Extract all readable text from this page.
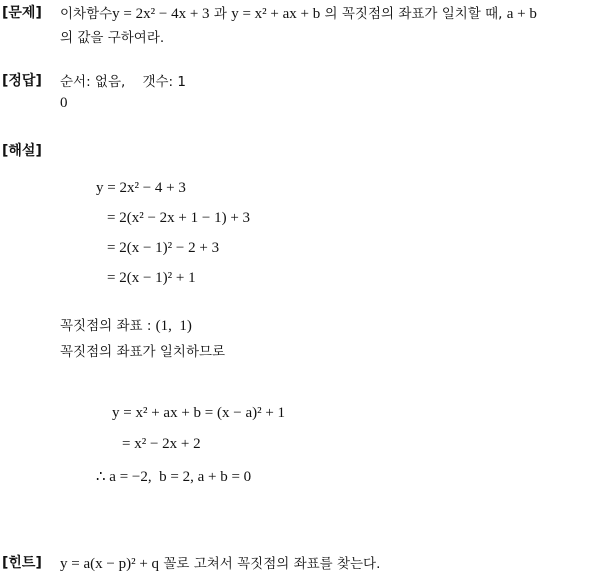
[문제] 이차함수y = 2x² − 4x + 3 과 y = x² + ax + b 의 꼭짓점의 좌표가 일치할 때, a + b
의 값을 구하여라.
[정답] 순서: 없음,    갯수: 1
0
[해설]
y = 2x² − 4 + 3
= 2(x² − 2x + 1 − 1) + 3
= 2(x − 1)² − 2 + 3
= 2(x − 1)² + 1
꼭짓점의 좌표 : (1,  1)
꼭짓점의 좌표가 일치하므로
y = x² + ax + b = (x − a)² + 1
= x² − 2x + 2
∴ a = −2,  b = 2, a + b = 0
[힌트] y = a(x − p)² + q 꼴로 고쳐서 꼭짓점의 좌표를 찾는다.
